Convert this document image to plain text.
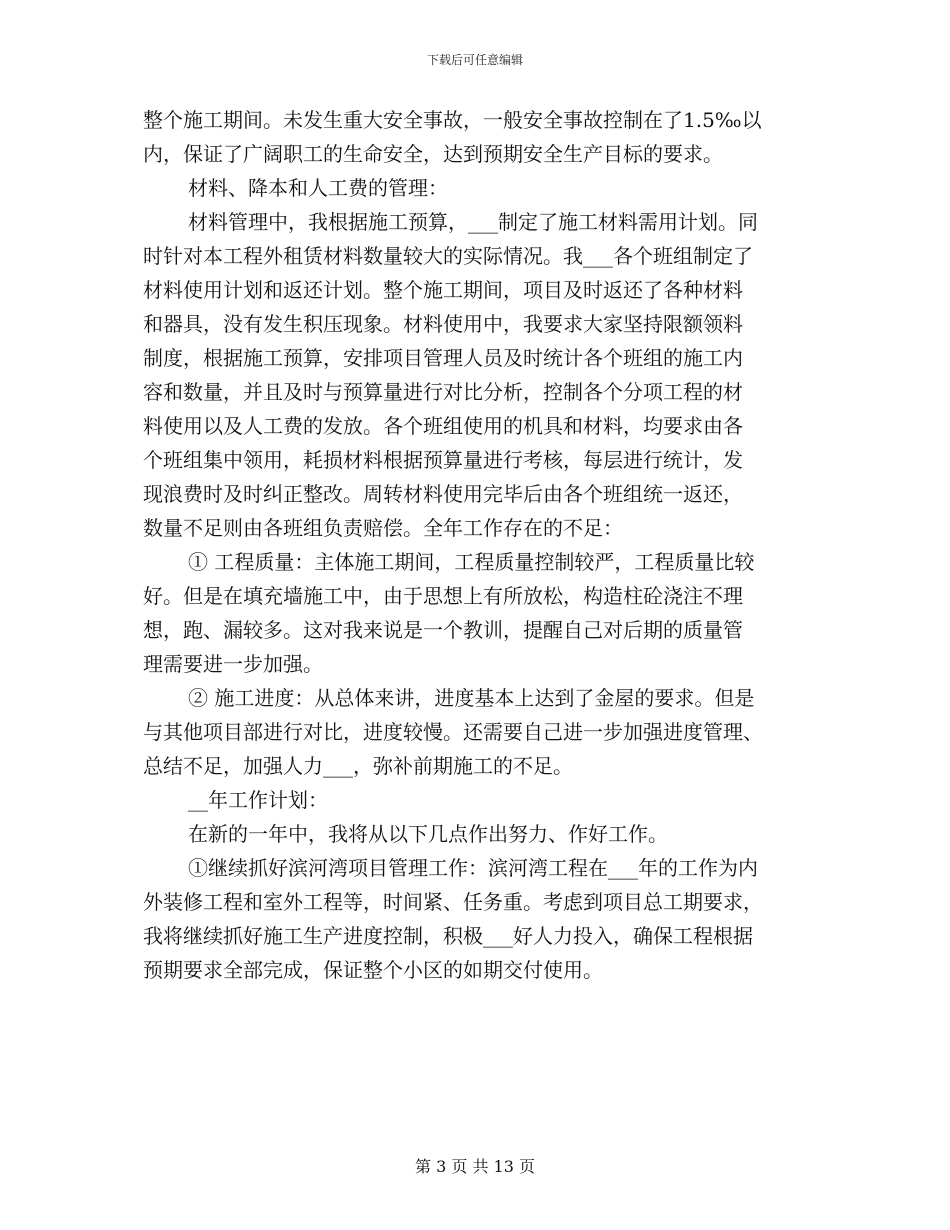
下载后可任意编辑
整个施工期间。未发生重大安全事故，一般安全事故控制在了1.5‰以
内，保证了广阔职工的生命安全，达到预期安全生产目标的要求。
材料、降本和人工费的管理：
材料管理中，我根据施工预算，___制定了施工材料需用计划。同
时针对本工程外租赁材料数量较大的实际情况。我___各个班组制定了
材料使用计划和返还计划。整个施工期间，项目及时返还了各种材料
和器具，没有发生积压现象。材料使用中，我要求大家坚持限额领料
制度，根据施工预算，安排项目管理人员及时统计各个班组的施工内
容和数量，并且及时与预算量进行对比分析，控制各个分项工程的材
料使用以及人工费的发放。各个班组使用的机具和材料，均要求由各
个班组集中领用，耗损材料根据预算量进行考核，每层进行统计，发
现浪费时及时纠正整改。周转材料使用完毕后由各个班组统一返还，
数量不足则由各班组负责赔偿。全年工作存在的不足：
① 工程质量：主体施工期间，工程质量控制较严，工程质量比较
好。但是在填充墙施工中，由于思想上有所放松，构造柱砼浇注不理
想，跑、漏较多。这对我来说是一个教训，提醒自己对后期的质量管
理需要进一步加强。
② 施工进度：从总体来讲，进度基本上达到了金屋的要求。但是
与其他项目部进行对比，进度较慢。还需要自己进一步加强进度管理、
总结不足，加强人力___，弥补前期施工的不足。
__年工作计划：
在新的一年中，我将从以下几点作出努力、作好工作。
①继续抓好滨河湾项目管理工作：滨河湾工程在___年的工作为内
外装修工程和室外工程等，时间紧、任务重。考虑到项目总工期要求，
我将继续抓好施工生产进度控制，积极___好人力投入，确保工程根据
预期要求全部完成，保证整个小区的如期交付使用。
第 3 页 共 13 页
